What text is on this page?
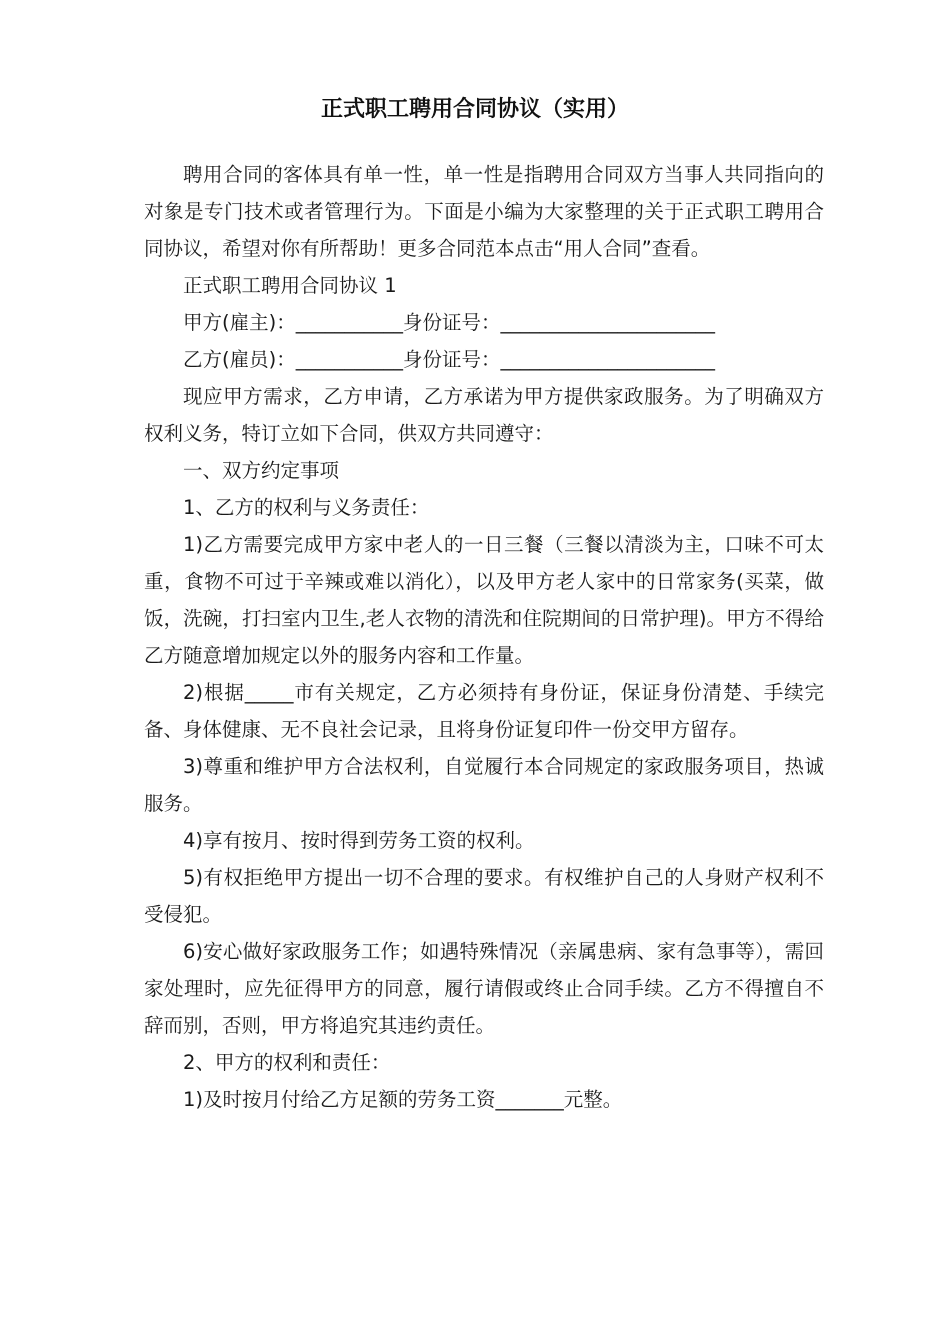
正式职工聘用合同协议（实用）

聘用合同的客体具有单一性，单一性是指聘用合同双方当事人共同指向的对象是专门技术或者管理行为。下面是小编为大家整理的关于正式职工聘用合同协议，希望对你有所帮助！更多合同范本点击“用人合同”查看。

正式职工聘用合同协议 1

甲方(雇主)：___________身份证号：______________________

乙方(雇员)：___________身份证号：______________________

现应甲方需求，乙方申请，乙方承诺为甲方提供家政服务。为了明确双方权利义务，特订立如下合同，供双方共同遵守：

一、双方约定事项

1、乙方的权利与义务责任：

1)乙方需要完成甲方家中老人的一日三餐（三餐以清淡为主，口味不可太重，食物不可过于辛辣或难以消化），以及甲方老人家中的日常家务(买菜，做饭，洗碗，打扫室内卫生,老人衣物的清洗和住院期间的日常护理)。甲方不得给乙方随意增加规定以外的服务内容和工作量。

2)根据_____市有关规定，乙方必须持有身份证，保证身份清楚、手续完备、身体健康、无不良社会记录，且将身份证复印件一份交甲方留存。

3)尊重和维护甲方合法权利，自觉履行本合同规定的家政服务项目，热诚服务。

4)享有按月、按时得到劳务工资的权利。

5)有权拒绝甲方提出一切不合理的要求。有权维护自己的人身财产权利不受侵犯。

6)安心做好家政服务工作；如遇特殊情况（亲属患病、家有急事等），需回家处理时，应先征得甲方的同意，履行请假或终止合同手续。乙方不得擅自不辞而别，否则，甲方将追究其违约责任。

2、甲方的权利和责任：

1)及时按月付给乙方足额的劳务工资_______元整。
